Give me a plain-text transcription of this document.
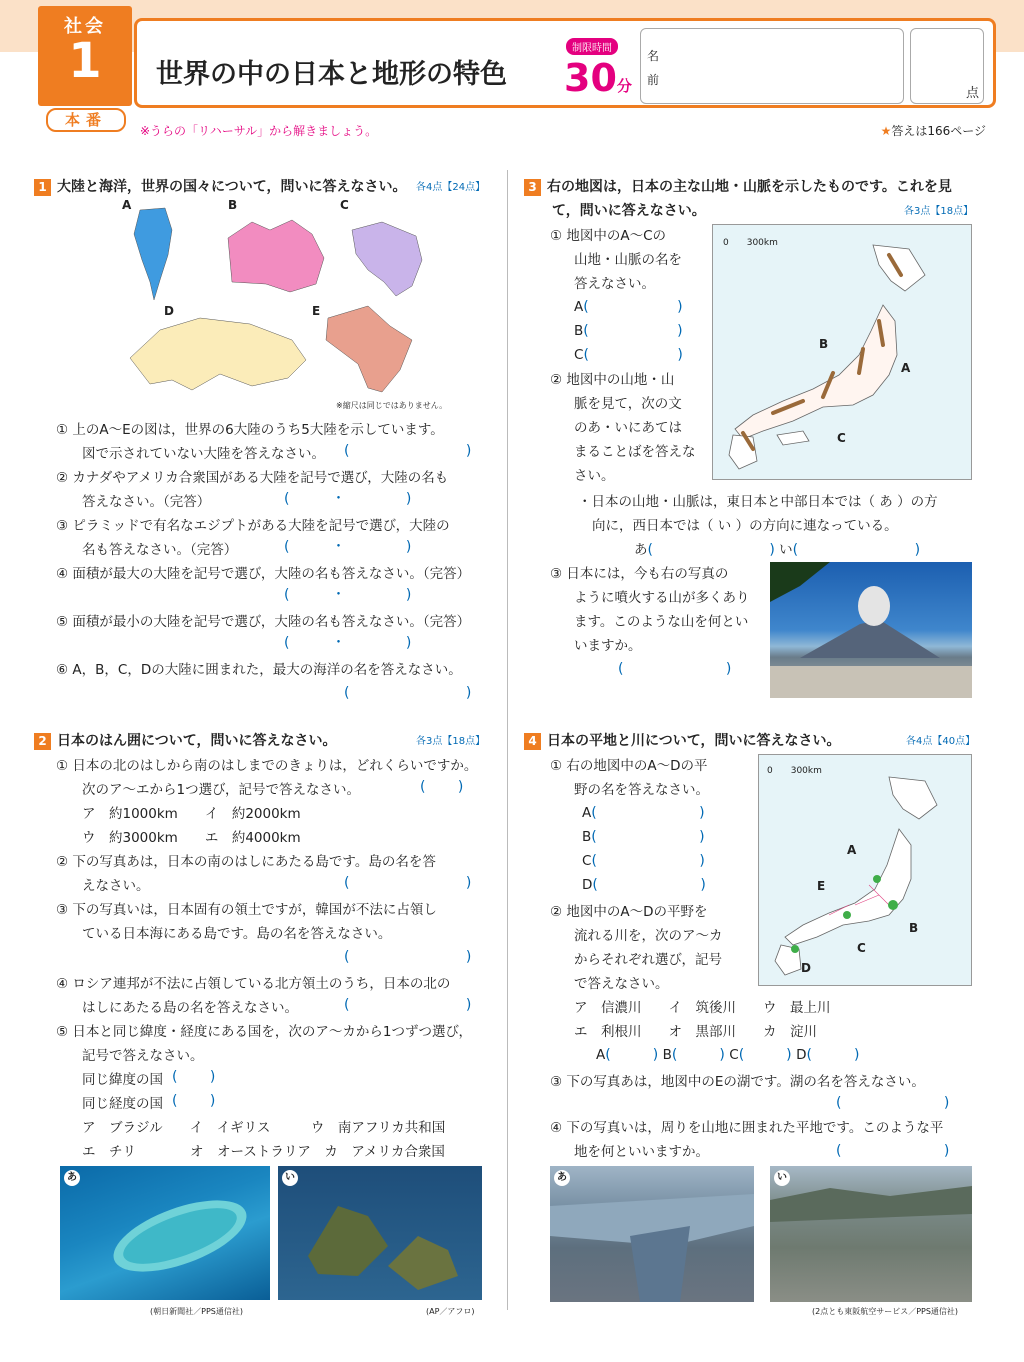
社会
1
本番
世界の中の日本と地形の特色
制限時間
30分
名
前
点
※うらの「リハーサル」から解きましょう。	★答えは166ページ
1 大陸と海洋，世界の国々について，問いに答えなさい。 各4点【24点】
A	B	C
D	E
※縮尺は同じではありません。
① 上のA～Eの図は，世界の6大陸のうち5大陸を示しています。
図で示されていない大陸を答えなさい。 (　　　　　　　　 )
② カナダやアメリカ合衆国がある大陸を記号で選び，大陸の名も
答えなさい。（完答）	(　　　・　　　　 )
③ ピラミッドで有名なエジプトがある大陸を記号で選び，大陸の
名も答えなさい。（完答）	(　　　・　　　　 )
④ 面積が最大の大陸を記号で選び，大陸の名も答えなさい。（完答）
(　　　・　　　　 )
⑤ 面積が最小の大陸を記号で選び，大陸の名も答えなさい。（完答）
(　　　・　　　　 )
⑥ A，B，C，Dの大陸に囲まれた，最大の海洋の名を答えなさい。
(　　　　　　　　 )
2 日本のはん囲について，問いに答えなさい。	各3点【18点】
① 日本の北のはしから南のはしまでのきょりは，どれくらいですか。
次のア～エから1つ選び，記号で答えなさい。	(　　 )
ア　約1000km　　イ　約2000km
ウ　約3000km　　エ　約4000km
② 下の写真あは，日本の南のはしにあたる島です。島の名を答
えなさい。	(　　　　　　　　 )
③ 下の写真いは，日本固有の領土ですが，韓国が不法に占領し
ている日本海にある島です。島の名を答えなさい。
(　　　　　　　　 )
④ ロシア連邦が不法に占領している北方領土のうち，日本の北の
はしにあたる島の名を答えなさい。	(　　　　　　　　 )
⑤ 日本と同じ緯度・経度にある国を，次のア～カから1つずつ選び，
記号で答えなさい。
同じ緯度の国 (　　 )
同じ経度の国 (　　 )
ア　ブラジル　　イ　イギリス　　　ウ　南アフリカ共和国
エ　チリ　　　　オ　オーストラリア　カ　アメリカ合衆国
あ	い
(朝日新聞社／PPS通信社)	(AP／アフロ)
3 右の地図は，日本の主な山地・山脈を示したものです。これを見
て，問いに答えなさい。	各3点【18点】
0　　300km
B
A
C
① 地図中のA～Cの
山地・山脈の名を
答えなさい。
A(　　　　　　 )
B(　　　　　　 )
C(　　　　　　 )
② 地図中の山地・山
脈を見て，次の文
のあ・いにあては
まることばを答えな
さい。
・日本の山地・山脈は，東日本と中部日本では（ あ ）の方
向に，西日本では（ い ）の方向に連なっている。
あ(　　　　　　　　 ) い(　　　　　　　　 )
③ 日本には，今も右の写真の
ように噴火する山が多くあり
ます。このような山を何とい
いますか。
(　　　　　　　 )
4 日本の平地と川について，問いに答えなさい。	各4点【40点】
0　　300km
A
E
B
C
D
① 右の地図中のA～Dの平
野の名を答えなさい。
A(　　　　　　　 )
B(　　　　　　　 )
C(　　　　　　　 )
D(　　　　　　　 )
② 地図中のA～Dの平野を
流れる川を，次のア～カ
からそれぞれ選び，記号
で答えなさい。
ア　信濃川　　イ　筑後川　　ウ　最上川
エ　利根川　　オ　黒部川　　カ　淀川
A(　　　) B(　　　) C(　　　) D(　　　)
③ 下の写真あは，地図中のEの湖です。湖の名を答えなさい。
(　　　　　　　 )
④ 下の写真いは，周りを山地に囲まれた平地です。このような平
地を何といいますか。	(　　　　　　　 )
あ	い
(2点とも東阪航空サービス／PPS通信社)
